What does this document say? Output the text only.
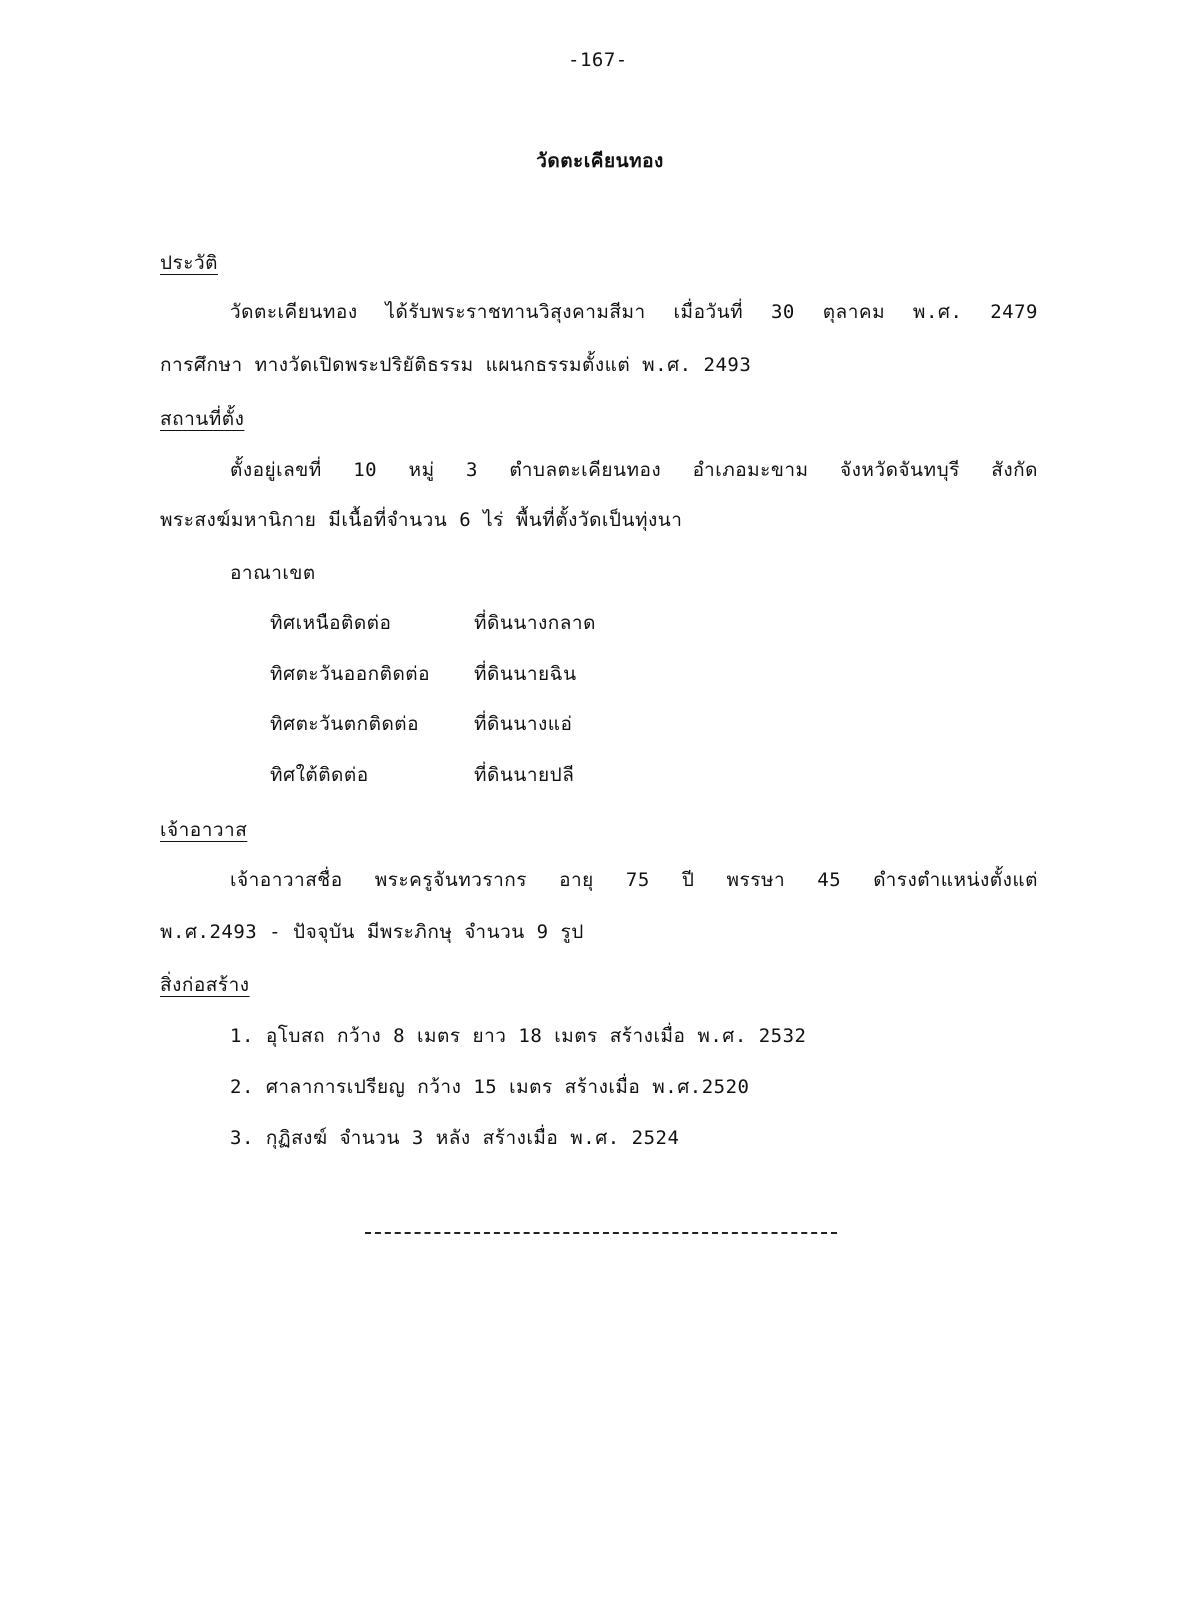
-167-
วัดตะเคียนทอง
ประวัติ
วัดตะเคียนทอง ได้รับพระราชทานวิสุงคามสีมา เมื่อวันที่ 30 ตุลาคม พ.ศ. 2479
การศึกษา ทางวัดเปิดพระปริยัติธรรม แผนกธรรมตั้งแต่ พ.ศ. 2493
สถานที่ตั้ง
ตั้งอยู่เลขที่ 10 หมู่ 3 ตำบลตะเคียนทอง อำเภอมะขาม จังหวัดจันทบุรี สังกัด
พระสงฆ์มหานิกาย มีเนื้อที่จำนวน 6 ไร่ พื้นที่ตั้งวัดเป็นทุ่งนา
อาณาเขต
ทิศเหนือติดต่อ	ที่ดินนางกลาด
ทิศตะวันออกติดต่อ ที่ดินนายฉิน
ทิศตะวันตกติดต่อ	ที่ดินนางแอ่
ทิศใต้ติดต่อ	ที่ดินนายปลี
เจ้าอาวาส
เจ้าอาวาสชื่อ พระครูจันทวรากร อายุ 75 ปี พรรษา 45 ดำรงตำแหน่งตั้งแต่
พ.ศ.2493 - ปัจจุบัน มีพระภิกษุ จำนวน 9 รูป
สิ่งก่อสร้าง
1. อุโบสถ กว้าง 8 เมตร ยาว 18 เมตร สร้างเมื่อ พ.ศ. 2532
2. ศาลาการเปรียญ กว้าง 15 เมตร สร้างเมื่อ พ.ศ.2520
3. กุฏิสงฆ์ จำนวน 3 หลัง สร้างเมื่อ พ.ศ. 2524
